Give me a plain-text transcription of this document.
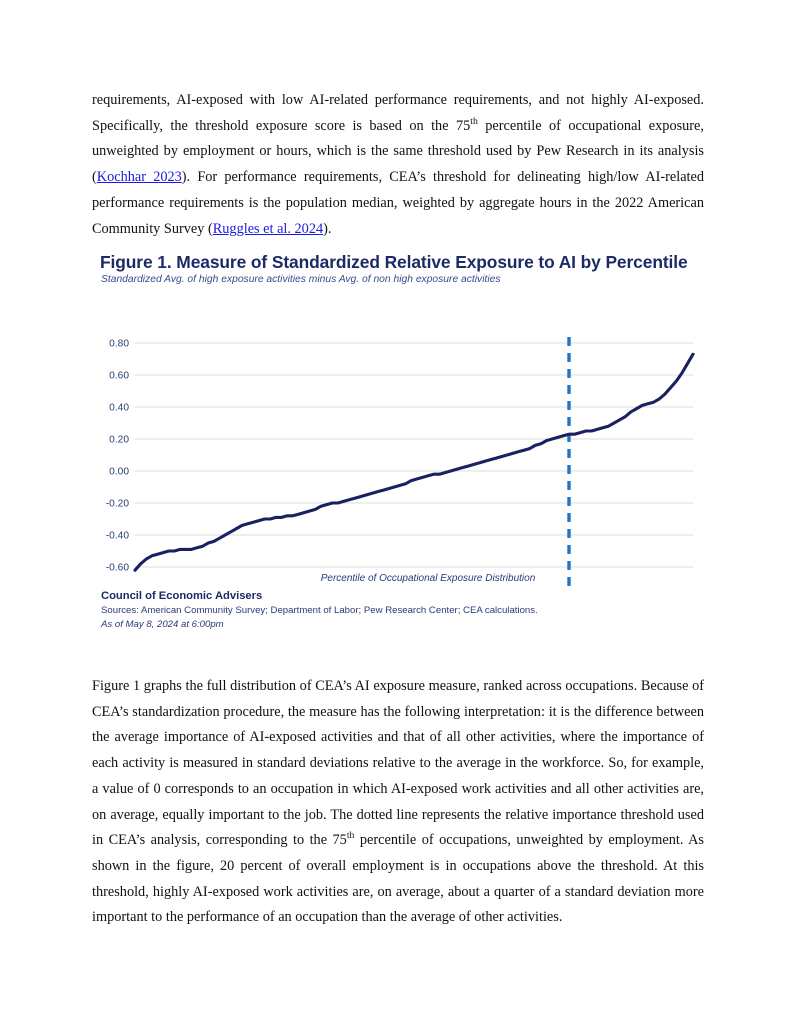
requirements, AI-exposed with low AI-related performance requirements, and not highly AI-exposed. Specifically, the threshold exposure score is based on the 75th percentile of occupational exposure, unweighted by employment or hours, which is the same threshold used by Pew Research in its analysis (Kochhar 2023). For performance requirements, CEA’s threshold for delineating high/low AI-related performance requirements is the population median, weighted by aggregate hours in the 2022 American Community Survey (Ruggles et al. 2024).
Figure 1. Measure of Standardized Relative Exposure to AI by Percentile
Standardized Avg. of high exposure activities minus Avg. of non high exposure activities
0.80
0.60
0.40
0.20
0.00
-0.20
-0.40
-0.60
Percentile of Occupational Exposure Distribution
Council of Economic Advisers
Sources: American Community Survey; Department of Labor; Pew Research Center; CEA calculations.
As of May 8, 2024 at 6:00pm
Figure 1 graphs the full distribution of CEA’s AI exposure measure, ranked across occupations. Because of CEA’s standardization procedure, the measure has the following interpretation: it is the difference between the average importance of AI-exposed activities and that of all other activities, where the importance of each activity is measured in standard deviations relative to the average in the workforce. So, for example, a value of 0 corresponds to an occupation in which AI-exposed work activities and all other activities are, on average, equally important to the job. The dotted line represents the relative importance threshold used in CEA’s analysis, corresponding to the 75th percentile of occupations, unweighted by employment. As shown in the figure, 20 percent of overall employment is in occupations above the threshold. At this threshold, highly AI-exposed work activities are, on average, about a quarter of a standard deviation more important to the performance of an occupation than the average of other activities.
